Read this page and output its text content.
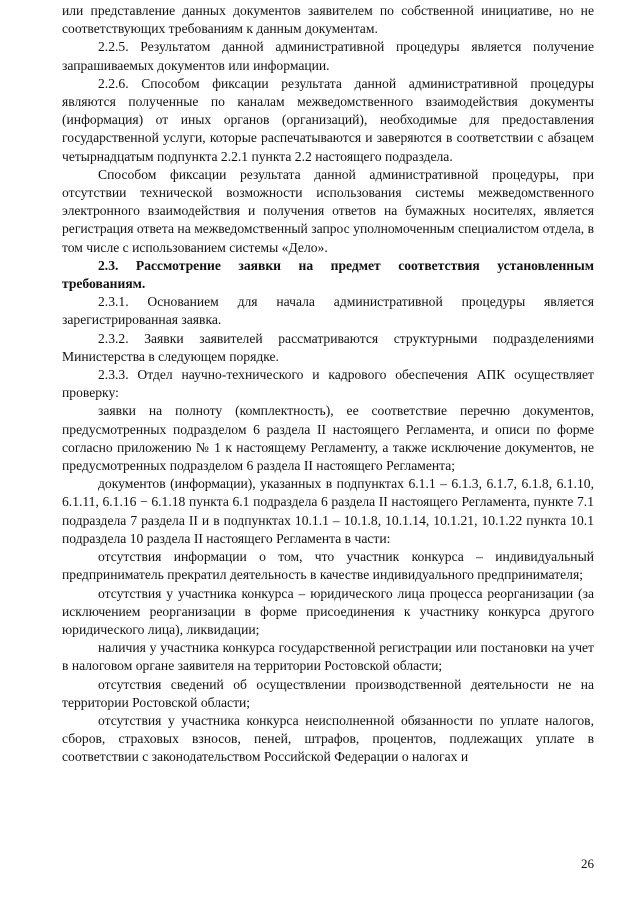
или представление данных документов заявителем по собственной инициативе, но не соответствующих требованиям к данным документам.

2.2.5. Результатом данной административной процедуры является получение запрашиваемых документов или информации.

2.2.6. Способом фиксации результата данной административной процедуры являются полученные по каналам межведомственного взаимодействия документы (информация) от иных органов (организаций), необходимые для предоставления государственной услуги, которые распечатываются и заверяются в соответствии с абзацем четырнадцатым подпункта 2.2.1 пункта 2.2 настоящего подраздела.

Способом фиксации результата данной административной процедуры, при отсутствии технической возможности использования системы межведомственного электронного взаимодействия и получения ответов на бумажных носителях, является регистрация ответа на межведомственный запрос уполномоченным специалистом отдела, в том числе с использованием системы «Дело».

2.3. Рассмотрение заявки на предмет соответствия установленным требованиям.

2.3.1. Основанием для начала административной процедуры является зарегистрированная заявка.

2.3.2. Заявки заявителей рассматриваются структурными подразделениями Министерства в следующем порядке.

2.3.3. Отдел научно-технического и кадрового обеспечения АПК осуществляет проверку:

заявки на полноту (комплектность), ее соответствие перечню документов, предусмотренных подразделом 6 раздела II настоящего Регламента, и описи по форме согласно приложению № 1 к настоящему Регламенту, а также исключение документов, не предусмотренных подразделом 6 раздела II настоящего Регламента;

документов (информации), указанных в подпунктах 6.1.1 – 6.1.3, 6.1.7, 6.1.8, 6.1.10, 6.1.11, 6.1.16 − 6.1.18 пункта 6.1 подраздела 6 раздела II настоящего Регламента, пункте 7.1 подраздела 7 раздела II и в подпунктах 10.1.1 – 10.1.8, 10.1.14, 10.1.21, 10.1.22 пункта 10.1 подраздела 10 раздела II настоящего Регламента в части:

отсутствия информации о том, что участник конкурса – индивидуальный предприниматель прекратил деятельность в качестве индивидуального предпринимателя;

отсутствия у участника конкурса – юридического лица процесса реорганизации (за исключением реорганизации в форме присоединения к участнику конкурса другого юридического лица), ликвидации;

наличия у участника конкурса государственной регистрации или постановки на учет в налоговом органе заявителя на территории Ростовской области;

отсутствия сведений об осуществлении производственной деятельности не на территории Ростовской области;

отсутствия у участника конкурса неисполненной обязанности по уплате налогов, сборов, страховых взносов, пеней, штрафов, процентов, подлежащих уплате в соответствии с законодательством Российской Федерации о налогах и

26
